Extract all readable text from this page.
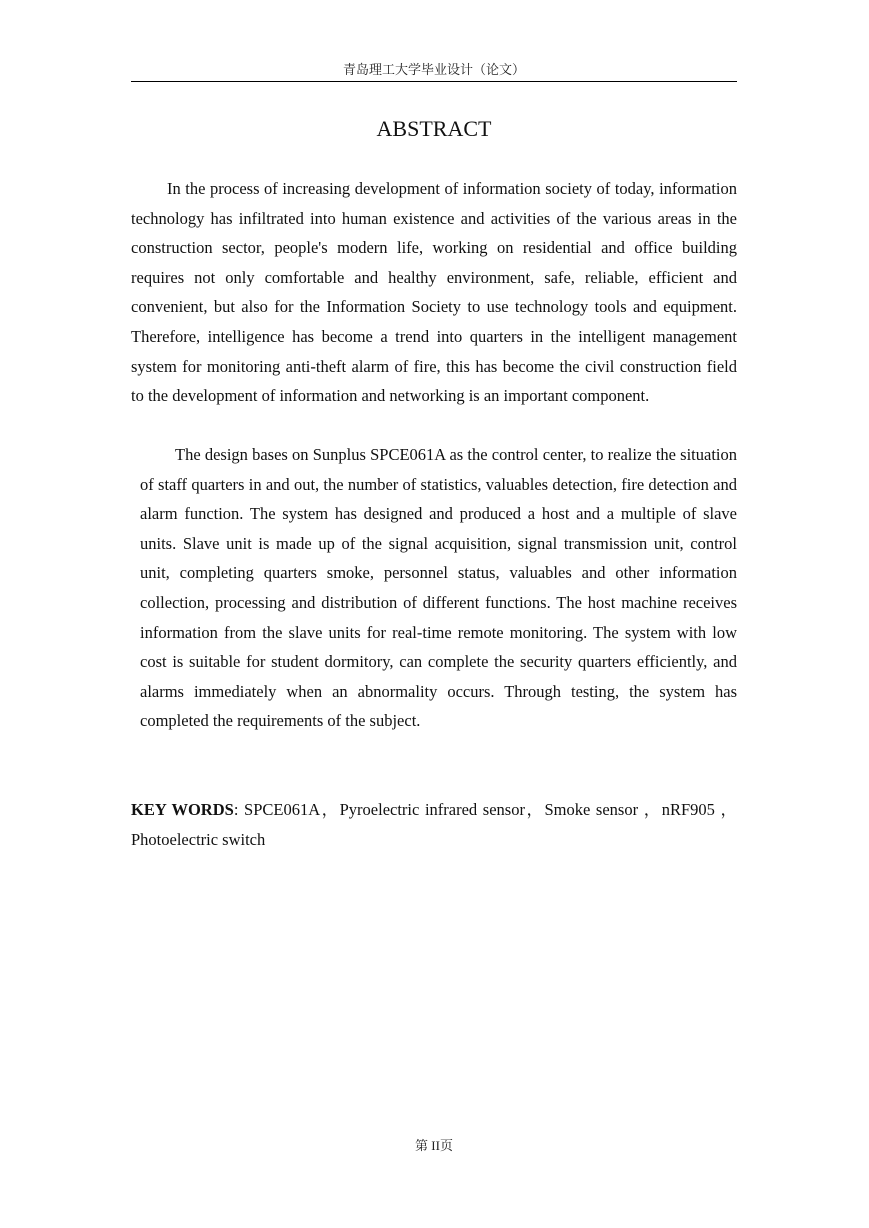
青岛理工大学毕业设计（论文）
ABSTRACT

In the process of increasing development of information society of today, information technology has infiltrated into human existence and activities of the various areas in the construction sector, people's modern life, working on residential and office building requires not only comfortable and healthy environment, safe, reliable, efficient and convenient, but also for the Information Society to use technology tools and equipment. Therefore, intelligence has become a trend into quarters in the intelligent management system for monitoring anti-theft alarm of fire, this has become the civil construction field to the development of information and networking is an important component.

The design bases on Sunplus SPCE061A as the control center, to realize the situation of staff quarters in and out, the number of statistics, valuables detection, fire detection and alarm function. The system has designed and produced a host and a multiple of slave units. Slave unit is made up of the signal acquisition, signal transmission unit, control unit, completing quarters smoke, personnel status, valuables and other information collection, processing and distribution of different functions. The host machine receives information from the slave units for real-time remote monitoring. The system with low cost is suitable for student dormitory, can complete the security quarters efficiently, and alarms immediately when an abnormality occurs. Through testing, the system has completed the requirements of the subject.

KEY WORDS: SPCE061A，Pyroelectric infrared sensor，Smoke sensor ，nRF905 ，Photoelectric switch

第 II页
